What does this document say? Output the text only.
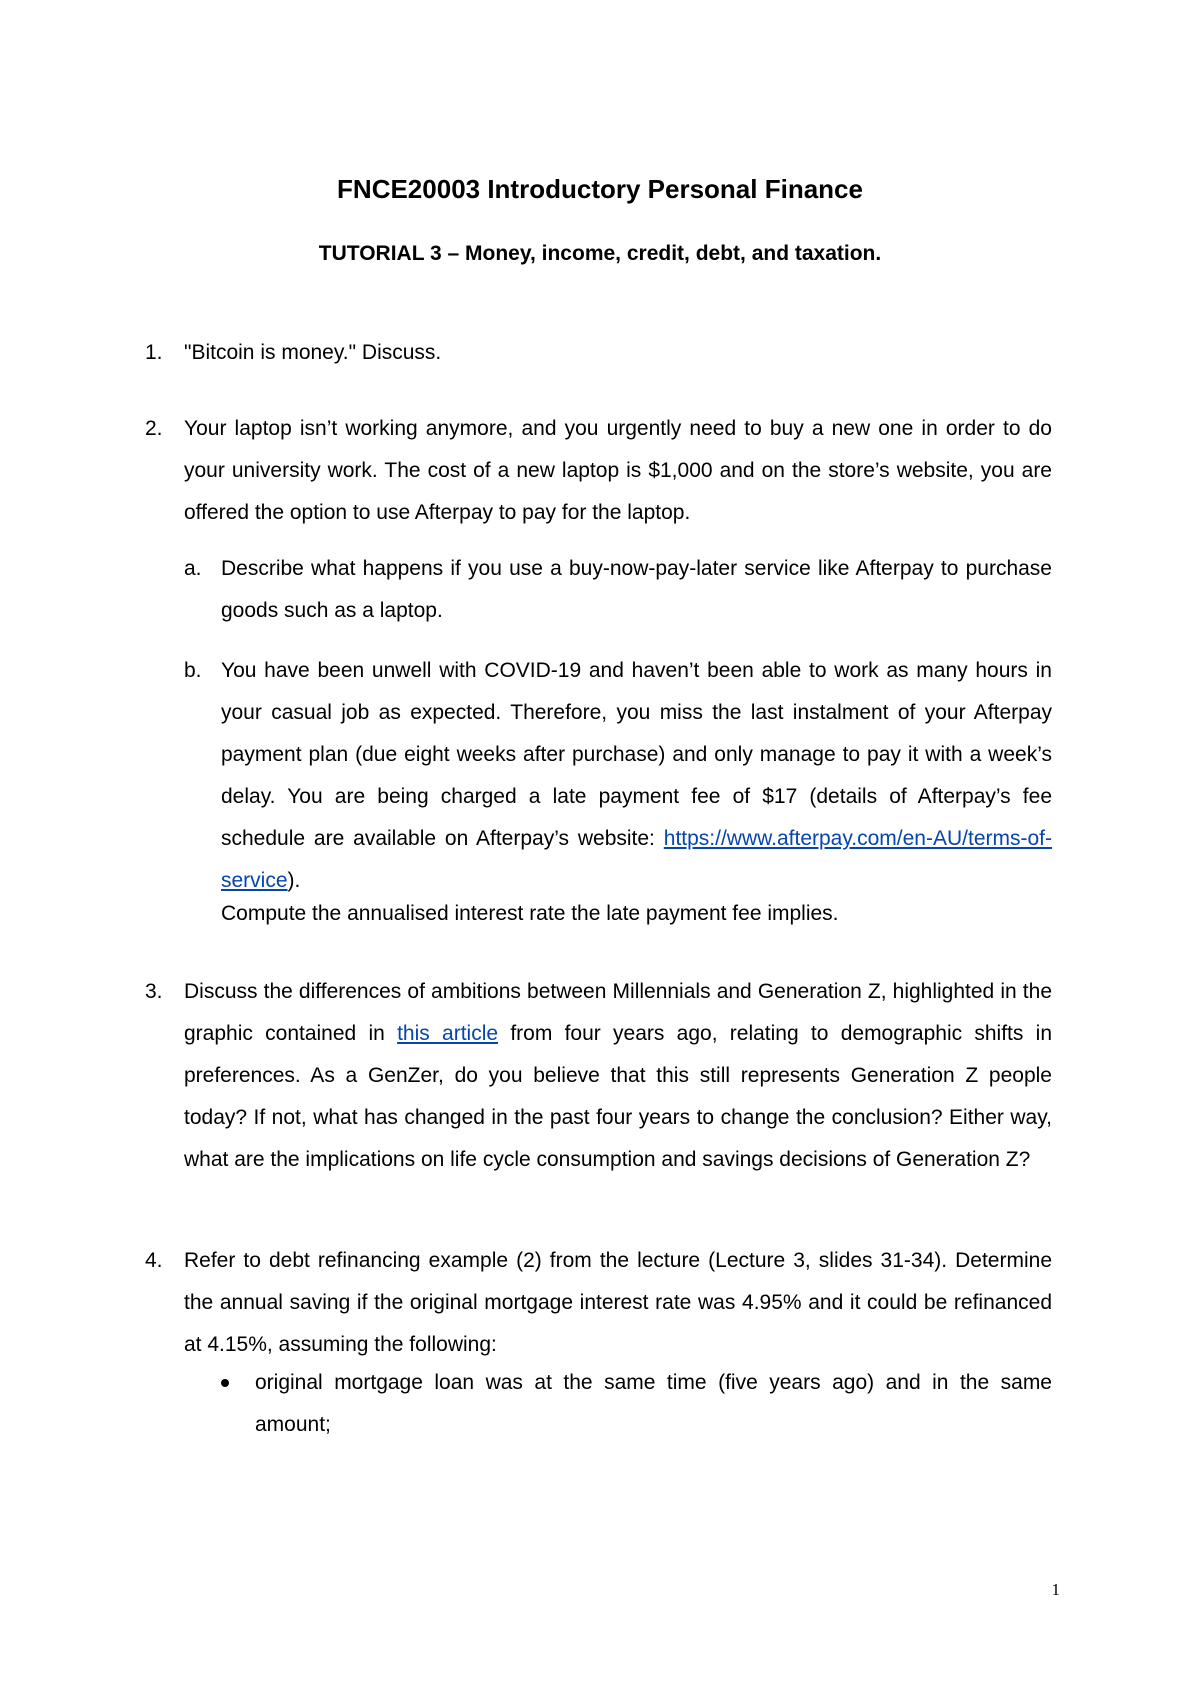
FNCE20003 Introductory Personal Finance
TUTORIAL 3 – Money, income, credit, debt, and taxation.
1. "Bitcoin is money." Discuss.
2. Your laptop isn’t working anymore, and you urgently need to buy a new one in order to do your university work. The cost of a new laptop is $1,000 and on the store’s website, you are offered the option to use Afterpay to pay for the laptop.
a. Describe what happens if you use a buy-now-pay-later service like Afterpay to purchase goods such as a laptop.
b. You have been unwell with COVID-19 and haven’t been able to work as many hours in your casual job as expected. Therefore, you miss the last instalment of your Afterpay payment plan (due eight weeks after purchase) and only manage to pay it with a week’s delay. You are being charged a late payment fee of $17 (details of Afterpay’s fee schedule are available on Afterpay’s website: https://www.afterpay.com/en-AU/terms-of-service).
Compute the annualised interest rate the late payment fee implies.
3. Discuss the differences of ambitions between Millennials and Generation Z, highlighted in the graphic contained in this article from four years ago, relating to demographic shifts in preferences. As a GenZer, do you believe that this still represents Generation Z people today? If not, what has changed in the past four years to change the conclusion? Either way, what are the implications on life cycle consumption and savings decisions of Generation Z?
4. Refer to debt refinancing example (2) from the lecture (Lecture 3, slides 31-34). Determine the annual saving if the original mortgage interest rate was 4.95% and it could be refinanced at 4.15%, assuming the following:
original mortgage loan was at the same time (five years ago) and in the same amount;
1
